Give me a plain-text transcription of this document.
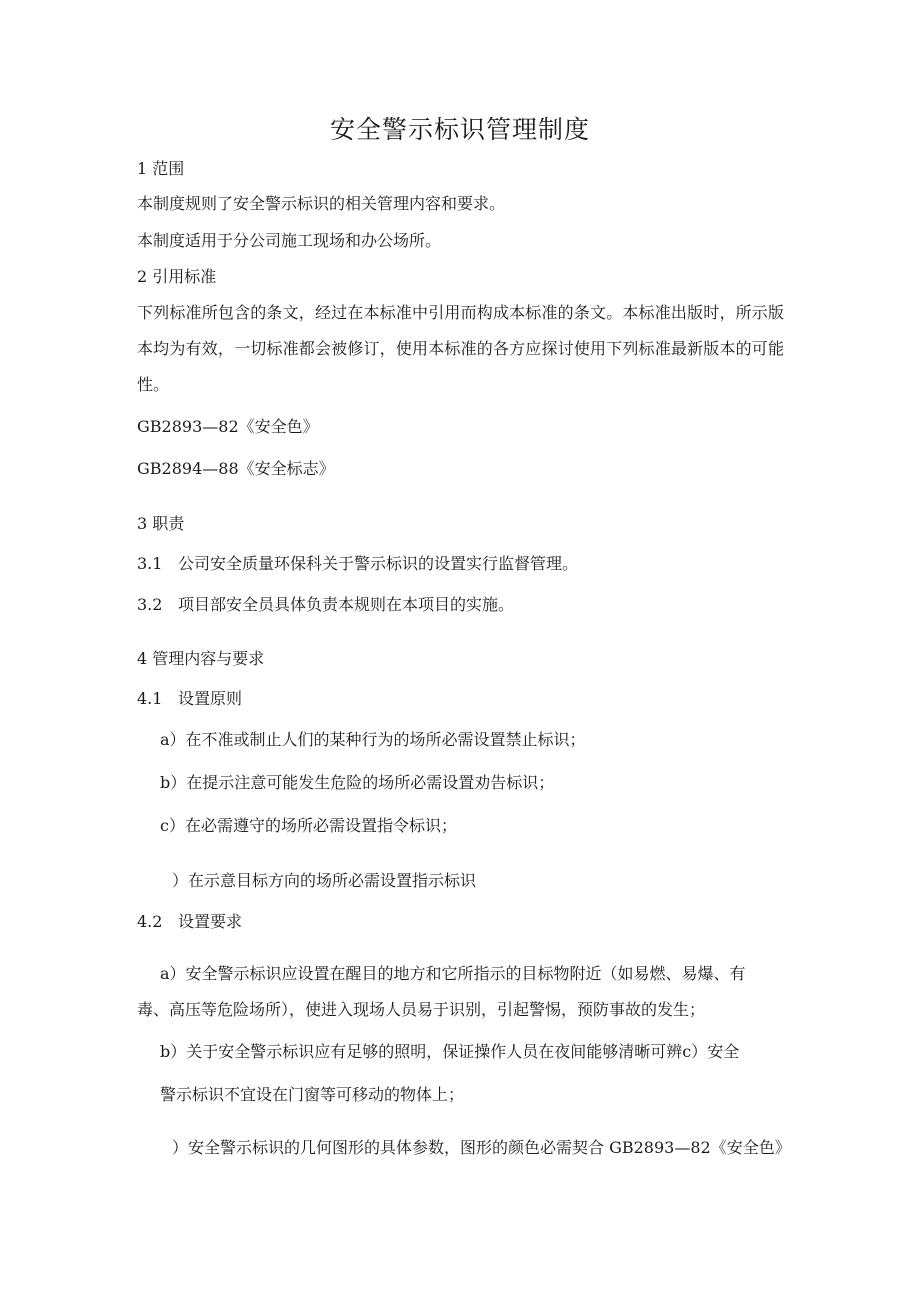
安全警示标识管理制度
1 范围
本制度规则了安全警示标识的相关管理内容和要求。
本制度适用于分公司施工现场和办公场所。
2 引用标准
下列标准所包含的条文，经过在本标准中引用而构成本标准的条文。本标准出版时，所示版本均为有效，一切标准都会被修订，使用本标准的各方应探讨使用下列标准最新版本的可能性。
GB2893—82《安全色》
GB2894—88《安全标志》
3 职责
3.1 公司安全质量环保科关于警示标识的设置实行监督管理。
3.2 项目部安全员具体负责本规则在本项目的实施。
4 管理内容与要求
4.1 设置原则
a）在不准或制止人们的某种行为的场所必需设置禁止标识；
b）在提示注意可能发生危险的场所必需设置劝告标识；
c）在必需遵守的场所必需设置指令标识；
）在示意目标方向的场所必需设置指示标识
4.2 设置要求
a）安全警示标识应设置在醒目的地方和它所指示的目标物附近（如易燃、易爆、有
毒、高压等危险场所），使进入现场人员易于识别，引起警惕，预防事故的发生；
b）关于安全警示标识应有足够的照明，保证操作人员在夜间能够清晰可辨c）安全
警示标识不宜设在门窗等可移动的物体上；
）安全警示标识的几何图形的具体参数，图形的颜色必需契合 GB2893—82《安全色》
